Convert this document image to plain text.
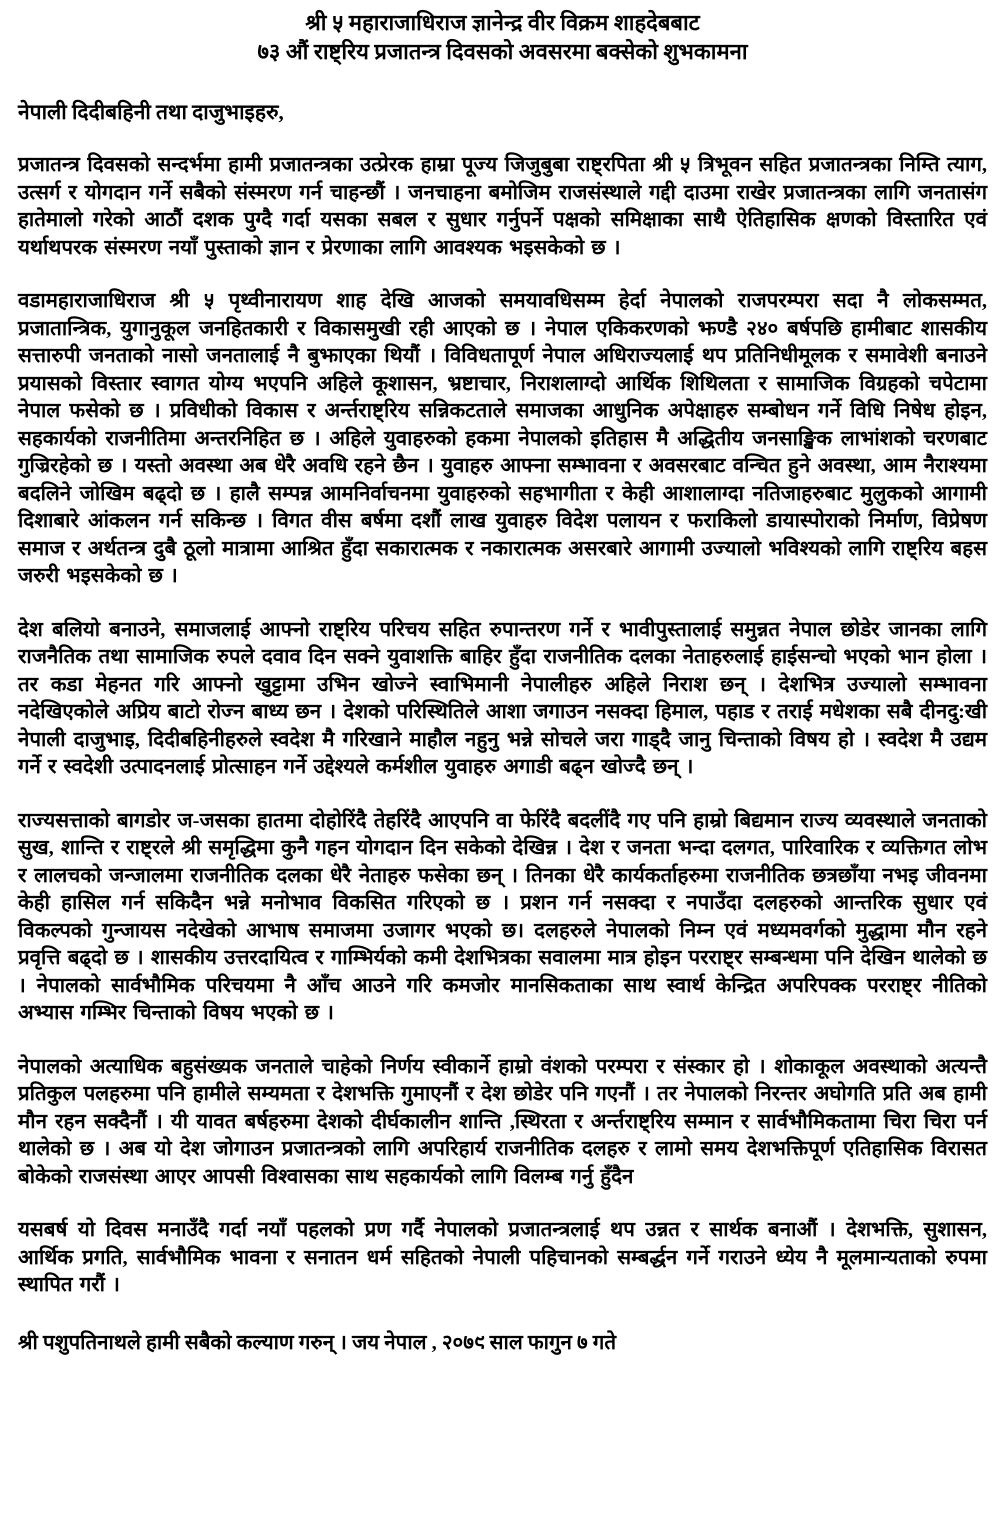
श्री ५ महाराजाधिराज ज्ञानेन्द्र वीर विक्रम शाहदेबबाट
७३ औं राष्ट्रिय प्रजातन्त्र दिवसको अवसरमा बक्सेको शुभकामना

नेपाली दिदीबहिनी तथा दाजुभाइहरु,

प्रजातन्त्र दिवसको सन्दर्भमा हामी प्रजातन्त्रका उत्प्रेरक हाम्रा पूज्य जिजुबुबा राष्ट्रपिता श्री ५ त्रिभूवन सहित प्रजातन्त्रका निम्ति त्याग, उत्सर्ग र योगदान गर्ने सबैको संस्मरण गर्न चाहन्छौं । जनचाहना बमोजिम राजसंस्थाले गद्दी दाउमा राखेर प्रजातन्त्रका लागि जनतासंग हातेमालो गरेको आठौं दशक पुग्दै गर्दा यसका सबल र सुधार गर्नुपर्ने पक्षको समिक्षाका साथै ऐतिहासिक क्षणको विस्तारित एवं यर्थाथपरक संस्मरण नयाँ पुस्ताको ज्ञान र प्रेरणाका लागि आवश्यक भइसकेको छ ।

वडामहाराजाधिराज श्री ५ पृथ्वीनारायण शाह देखि आजको समयावधिसम्म हेर्दा नेपालको राजपरम्परा सदा नै लोकसम्मत, प्रजातान्त्रिक, युगानुकूल जनहितकारी र विकासमुखी रही आएको छ । नेपाल एकिकरणको झण्डै २४० बर्षपछि हामीबाट शासकीय सत्तारुपी जनताको नासो जनतालाई नै बुझाएका थियौं । विविधतापूर्ण नेपाल अधिराज्यलाई थप प्रतिनिधीमूलक र समावेशी बनाउने प्रयासको विस्तार स्वागत योग्य भएपनि अहिले कूशासन, भ्रष्टाचार, निराशलाग्दो आर्थिक शिथिलता र सामाजिक विग्रहको चपेटामा नेपाल फसेको छ । प्रविधीको विकास र अर्न्तराष्ट्रिय सन्निकटताले समाजका आधुनिक अपेक्षाहरु सम्बोधन गर्ने विधि निषेध होइन, सहकार्यको राजनीतिमा अन्तरनिहित छ । अहिले युवाहरुको हकमा नेपालको इतिहास मै अद्धितीय जनसाङ्खिक लाभांशको चरणबाट गुज्रिरहेको छ । यस्तो अवस्था अब धेरै अवधि रहने छैन । युवाहरु आफ्ना सम्भावना र अवसरबाट वन्चित हुने अवस्था, आम नैराश्यमा बदलिने जोखिम बढ्दो छ । हालै सम्पन्न आमनिर्वाचनमा युवाहरुको सहभागीता र केही आशालाग्दा नतिजाहरुबाट मुलुकको आगामी दिशाबारे आंकलन गर्न सकिन्छ । विगत वीस बर्षमा दशौं लाख युवाहरु विदेश पलायन र फराकिलो डायास्पोराको निर्माण, विप्रेषण समाज र अर्थतन्त्र दुबै ठूलो मात्रामा आश्रित हुँदा सकारात्मक र नकारात्मक असरबारे आगामी उज्यालो भविश्यको लागि राष्ट्रिय बहस जरुरी भइसकेको छ ।

देश बलियो बनाउने, समाजलाई आफ्नो राष्ट्रिय परिचय सहित रुपान्तरण गर्ने र भावीपुस्तालाई समुन्नत नेपाल छोडेर जानका लागि राजनैतिक तथा सामाजिक रुपले दवाव दिन सक्ने युवाशक्ति बाहिर हुँदा राजनीतिक दलका नेताहरुलाई हाईसन्चो भएको भान होला । तर कडा मेहनत गरि आफ्नो खुट्टामा उभिन खोज्ने स्वाभिमानी नेपालीहरु अहिले निराश छन् । देशभित्र उज्यालो सम्भावना नदेखिएकोले अप्रिय बाटो रोज्न बाध्य छन । देशको परिस्थितिले आशा जगाउन नसक्दा हिमाल, पहाड र तराई मधेशका सबै दीनदु:खी नेपाली दाजुभाइ, दिदीबहिनीहरुले स्वदेश मै गरिखाने माहौल नहुनु भन्ने सोचले जरा गाड्दै जानु चिन्ताको विषय हो । स्वदेश मै उद्यम गर्ने र स्वदेशी उत्पादनलाई प्रोत्साहन गर्ने उद्देश्यले कर्मशील युवाहरु अगाडी बढ्न खोज्दै छन् ।

राज्यसत्ताको बागडोर ज-जसका हातमा दोहोरिंदै तेहरिंदै आएपनि वा फेरिंदै बदलींदै गए पनि हाम्रो बिद्यमान राज्य व्यवस्थाले जनताको सुख, शान्ति र राष्ट्रले श्री समृद्धिमा कुनै गहन योगदान दिन सकेको देखिन्न । देश र जनता भन्दा दलगत, पारिवारिक र व्यक्तिगत लोभ र लालचको जन्जालमा राजनीतिक दलका धेरै नेताहरु फसेका छन् । तिनका धेरै कार्यकर्ताहरुमा राजनीतिक छत्रछाँया नभइ जीवनमा केही हासिल गर्न सकिदैन भन्ने मनोभाव विकसित गरिएको छ । प्रशन गर्न नसक्दा र नपाउँदा दलहरुको आन्तरिक सुधार एवं विकल्पको गुन्जायस नदेखेको आभाष समाजमा उजागर भएको छ। दलहरुले नेपालको निम्न एवं मध्यमवर्गको मुद्धामा मौन रहने प्रवृत्ति बढ्दो छ । शासकीय उत्तरदायित्व र गाम्भिर्यको कमी देशभित्रका सवालमा मात्र होइन परराष्ट्र सम्बन्धमा पनि देखिन थालेको छ । नेपालको सार्वभौमिक परिचयमा नै आँच आउने गरि कमजोर मानसिकताका साथ स्वार्थ केन्द्रित अपरिपक्क परराष्ट्र नीतिको अभ्यास गम्भिर चिन्ताको विषय भएको छ ।

नेपालको अत्याधिक बहुसंख्यक जनताले चाहेको निर्णय स्वीकार्ने हाम्रो वंशको परम्परा र संस्कार हो । शोकाकूल अवस्थाको अत्यन्तै प्रतिकुल पलहरुमा पनि हामीले सम्यमता र देशभक्ति गुमाएनौं र देश छोडेर पनि गएनौं । तर नेपालको निरन्तर अघोगति प्रति अब हामी मौन रहन सक्दैनौं । यी यावत बर्षहरुमा देशको दीर्घकालीन शान्ति ,स्थिरता र अर्न्तराष्ट्रिय सम्मान र सार्वभौमिकतामा चिरा चिरा पर्न थालेको छ । अब यो देश जोगाउन प्रजातन्त्रको लागि अपरिहार्य राजनीतिक दलहरु र लामो समय देशभक्तिपूर्ण एतिहासिक विरासत बोकेको राजसंस्था आएर आपसी विश्वासका साथ सहकार्यको लागि विलम्ब गर्नु हुँदैन

यसबर्ष यो दिवस मनाउँदै गर्दा नयाँ पहलको प्रण गर्दै नेपालको प्रजातन्त्रलाई थप उन्नत र सार्थक बनाऔं । देशभक्ति, सुशासन, आर्थिक प्रगति, सार्वभौमिक भावना र सनातन धर्म सहितको नेपाली पहिचानको सम्बर्द्धन गर्ने गराउने ध्येय नै मूलमान्यताको रुपमा स्थापित गरौं ।

श्री पशुपतिनाथले हामी सबैको कल्याण गरुन् । जय नेपाल , २०७९ साल फागुन ७ गते
